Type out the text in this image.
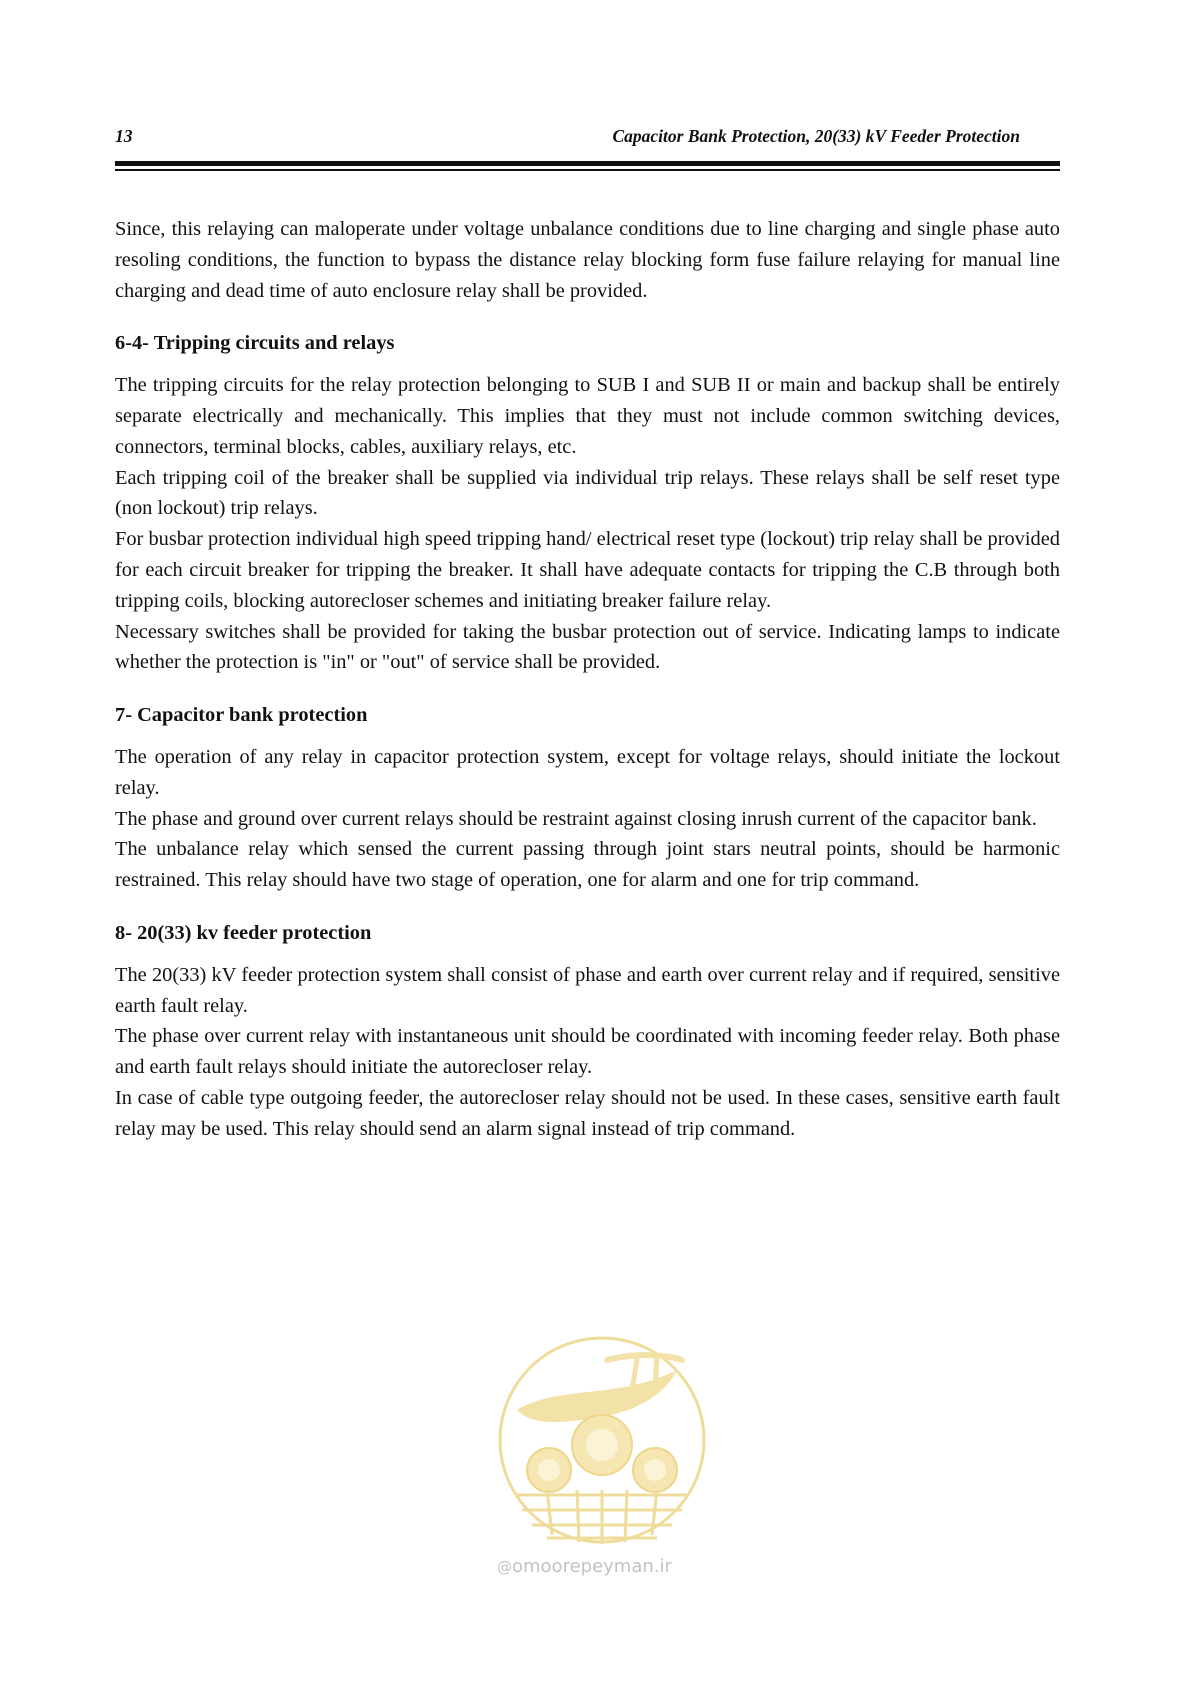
13	Capacitor Bank Protection, 20(33) kV Feeder Protection

Since, this relaying can maloperate under voltage unbalance conditions due to line charging and single phase auto resoling conditions, the function to bypass the distance relay blocking form fuse failure relaying for manual line charging and dead time of auto enclosure relay shall be provided.

6-4- Tripping circuits and relays

The tripping circuits for the relay protection belonging to SUB I and SUB II or main and backup shall be entirely separate electrically and mechanically. This implies that they must not include common switching devices, connectors, terminal blocks, cables, auxiliary relays, etc.

Each tripping coil of the breaker shall be supplied via individual trip relays. These relays shall be self reset type (non lockout) trip relays.

For busbar protection individual high speed tripping hand/ electrical reset type (lockout) trip relay shall be provided for each circuit breaker for tripping the breaker. It shall have adequate contacts for tripping the C.B through both tripping coils, blocking autorecloser schemes and initiating breaker failure relay.

Necessary switches shall be provided for taking the busbar protection out of service. Indicating lamps to indicate whether the protection is "in" or "out" of service shall be provided.

7- Capacitor bank protection

The operation of any relay in capacitor protection system, except for voltage relays, should initiate the lockout relay.

The phase and ground over current relays should be restraint against closing inrush current of the capacitor bank.

The unbalance relay which sensed the current passing through joint stars neutral points, should be harmonic restrained. This relay should have two stage of operation, one for alarm and one for trip command.

8- 20(33) kv feeder protection

The 20(33) kV feeder protection system shall consist of phase and earth over current relay and if required, sensitive earth fault relay.

The phase over current relay with instantaneous unit should be coordinated with incoming feeder relay. Both phase and earth fault relays should initiate the autorecloser relay.

In case of cable type outgoing feeder, the autorecloser relay should not be used. In these cases, sensitive earth fault relay may be used. This relay should send an alarm signal instead of trip command.

@omoorepeyman.ir
